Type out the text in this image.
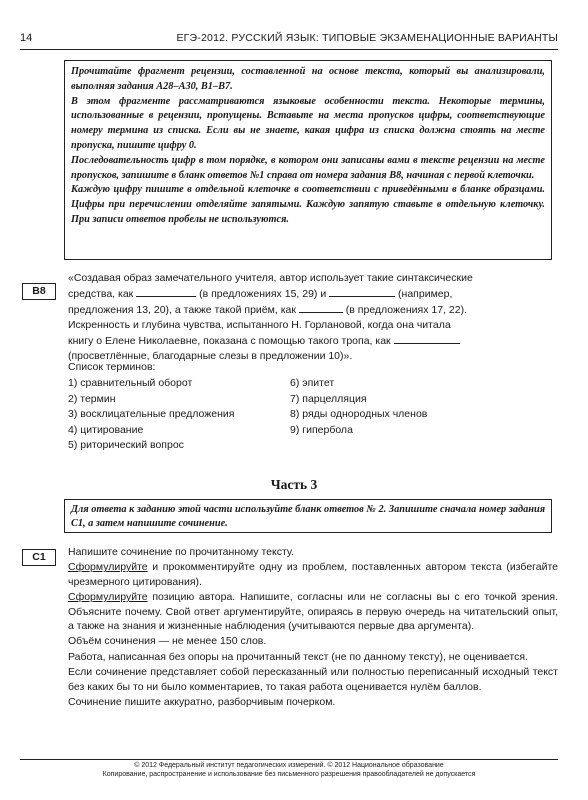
14	ЕГЭ-2012. РУССКИЙ ЯЗЫК: ТИПОВЫЕ ЭКЗАМЕНАЦИОННЫЕ ВАРИАНТЫ

Прочитайте фрагмент рецензии, составленной на основе текста, который вы анализировали, выполняя задания А28–А30, В1–В7.

В этом фрагменте рассматриваются языковые особенности текста. Некоторые термины, использованные в рецензии, пропущены. Вставьте на места пропусков цифры, соответствующие номеру термина из списка. Если вы не знаете, какая цифра из списка должна стоять на месте пропуска, пишите цифру 0.

Последовательность цифр в том порядке, в котором они записаны вами в тексте рецензии на месте пропусков, запишите в бланк ответов №1 справа от номера задания В8, начиная с первой клеточки.

Каждую цифру пишите в отдельной клеточке в соответствии с приведёнными в бланке образцами. Цифры при перечислении отделяйте запятыми. Каждую запятую ставьте в отдельную клеточку. При записи ответов пробелы не используются.

В8
«Создавая образ замечательного учителя, автор использует такие синтаксические
средства, как	(в предложениях 15, 29) и	(например,
предложения 13, 20), а также такой приём, как	(в предложениях 17, 22).
Искренность и глубина чувства, испытанного Н. Горлановой, когда она читала
книгу о Елене Николаевне, показана с помощью такого тропа, как
(просветлённые, благодарные слезы в предложении 10)».
Список терминов:
1) сравнительный оборот
2) термин
3) восклицательные предложения
4) цитирование
5) риторический вопрос
6) эпитет
7) парцелляция
8) ряды однородных членов
9) гипербола
Часть 3

Для ответа к заданию этой части используйте бланк ответов № 2. Запишите сначала номер задания С1, а затем напишите сочинение.

С1	Напишите сочинение по прочитанному тексту.

Сформулируйте и прокомментируйте одну из проблем, поставленных автором текста (избегайте чрезмерного цитирования).

Сформулируйте позицию автора. Напишите, согласны или не согласны вы с его точкой зрения. Объясните почему. Свой ответ аргументируйте, опираясь в первую очередь на читательский опыт, а также на знания и жизненные наблюдения (учитываются первые два аргумента).

Объём сочинения — не менее 150 слов.

Работа, написанная без опоры на прочитанный текст (не по данному тексту), не оценивается.

Если сочинение представляет собой пересказанный или полностью переписанный исходный текст без каких бы то ни было комментариев, то такая работа оценивается нулём баллов.

Сочинение пишите аккуратно, разборчивым почерком.

© 2012 Федеральный институт педагогических измерений. © 2012 Национальное образование
Копирование, распространение и использование без письменного разрешения правообладателей не допускается
